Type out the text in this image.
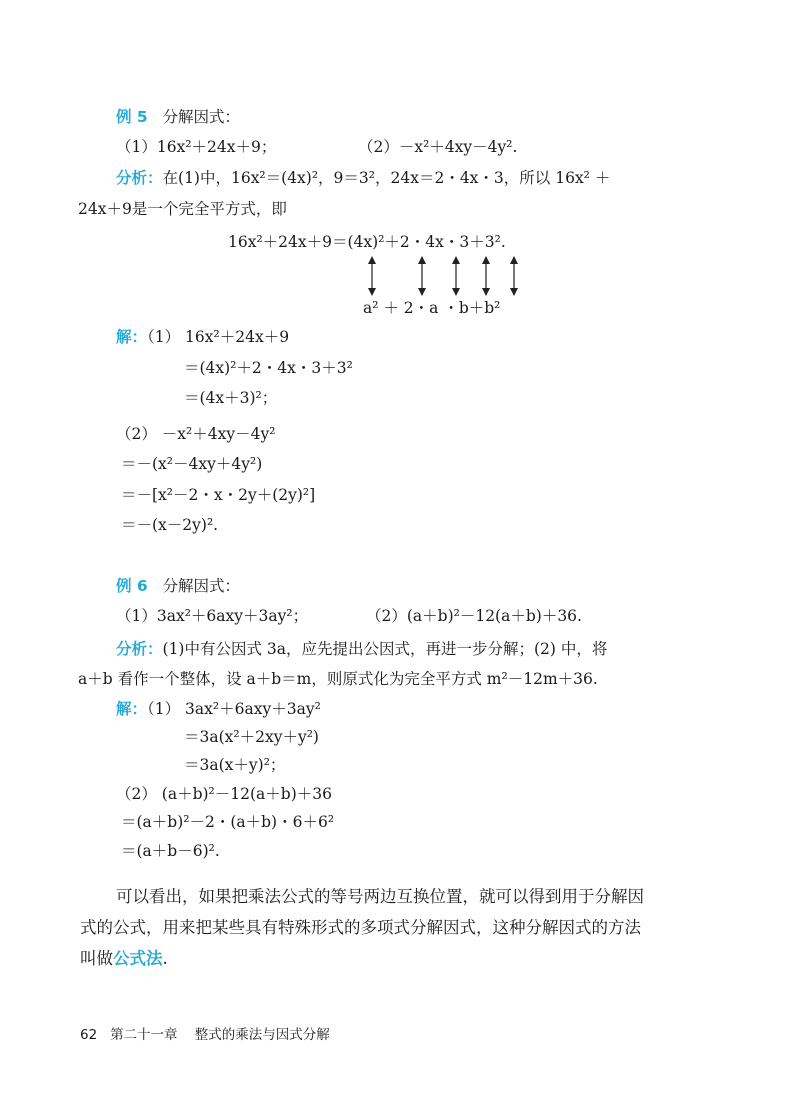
例 5 分解因式：
（1）16x²＋24x＋9；	（2）－x²＋4xy－4y².
分析：在(1)中，16x²＝(4x)²，9＝3²，24x＝2・4x・3，所以 16x² ＋
24x＋9是一个完全平方式，即
16x²＋24x＋9＝(4x)²＋2・4x・3＋3².
a² ＋ 2・a ・b＋b²
解：（1） 16x²＋24x＋9
＝(4x)²＋2・4x・3＋3²
＝(4x＋3)²；
（2） －x²＋4xy－4y²
＝－(x²－4xy＋4y²)
＝－[x²－2・x・2y＋(2y)²]
＝－(x－2y)².
例 6 分解因式：
（1）3ax²＋6axy＋3ay²；	（2）(a＋b)²－12(a＋b)＋36.
分析：(1)中有公因式 3a，应先提出公因式，再进一步分解；(2) 中，将
a＋b 看作一个整体，设 a＋b＝m，则原式化为完全平方式 m²－12m＋36.
解：（1） 3ax²＋6axy＋3ay²
＝3a(x²＋2xy＋y²)
＝3a(x＋y)²；
（2） (a＋b)²－12(a＋b)＋36
＝(a＋b)²－2・(a＋b)・6＋6²
＝(a＋b－6)².
可以看出，如果把乘法公式的等号两边互换位置，就可以得到用于分解因
式的公式，用来把某些具有特殊形式的多项式分解因式，这种分解因式的方法
叫做公式法.
62 第二十一章 整式的乘法与因式分解
